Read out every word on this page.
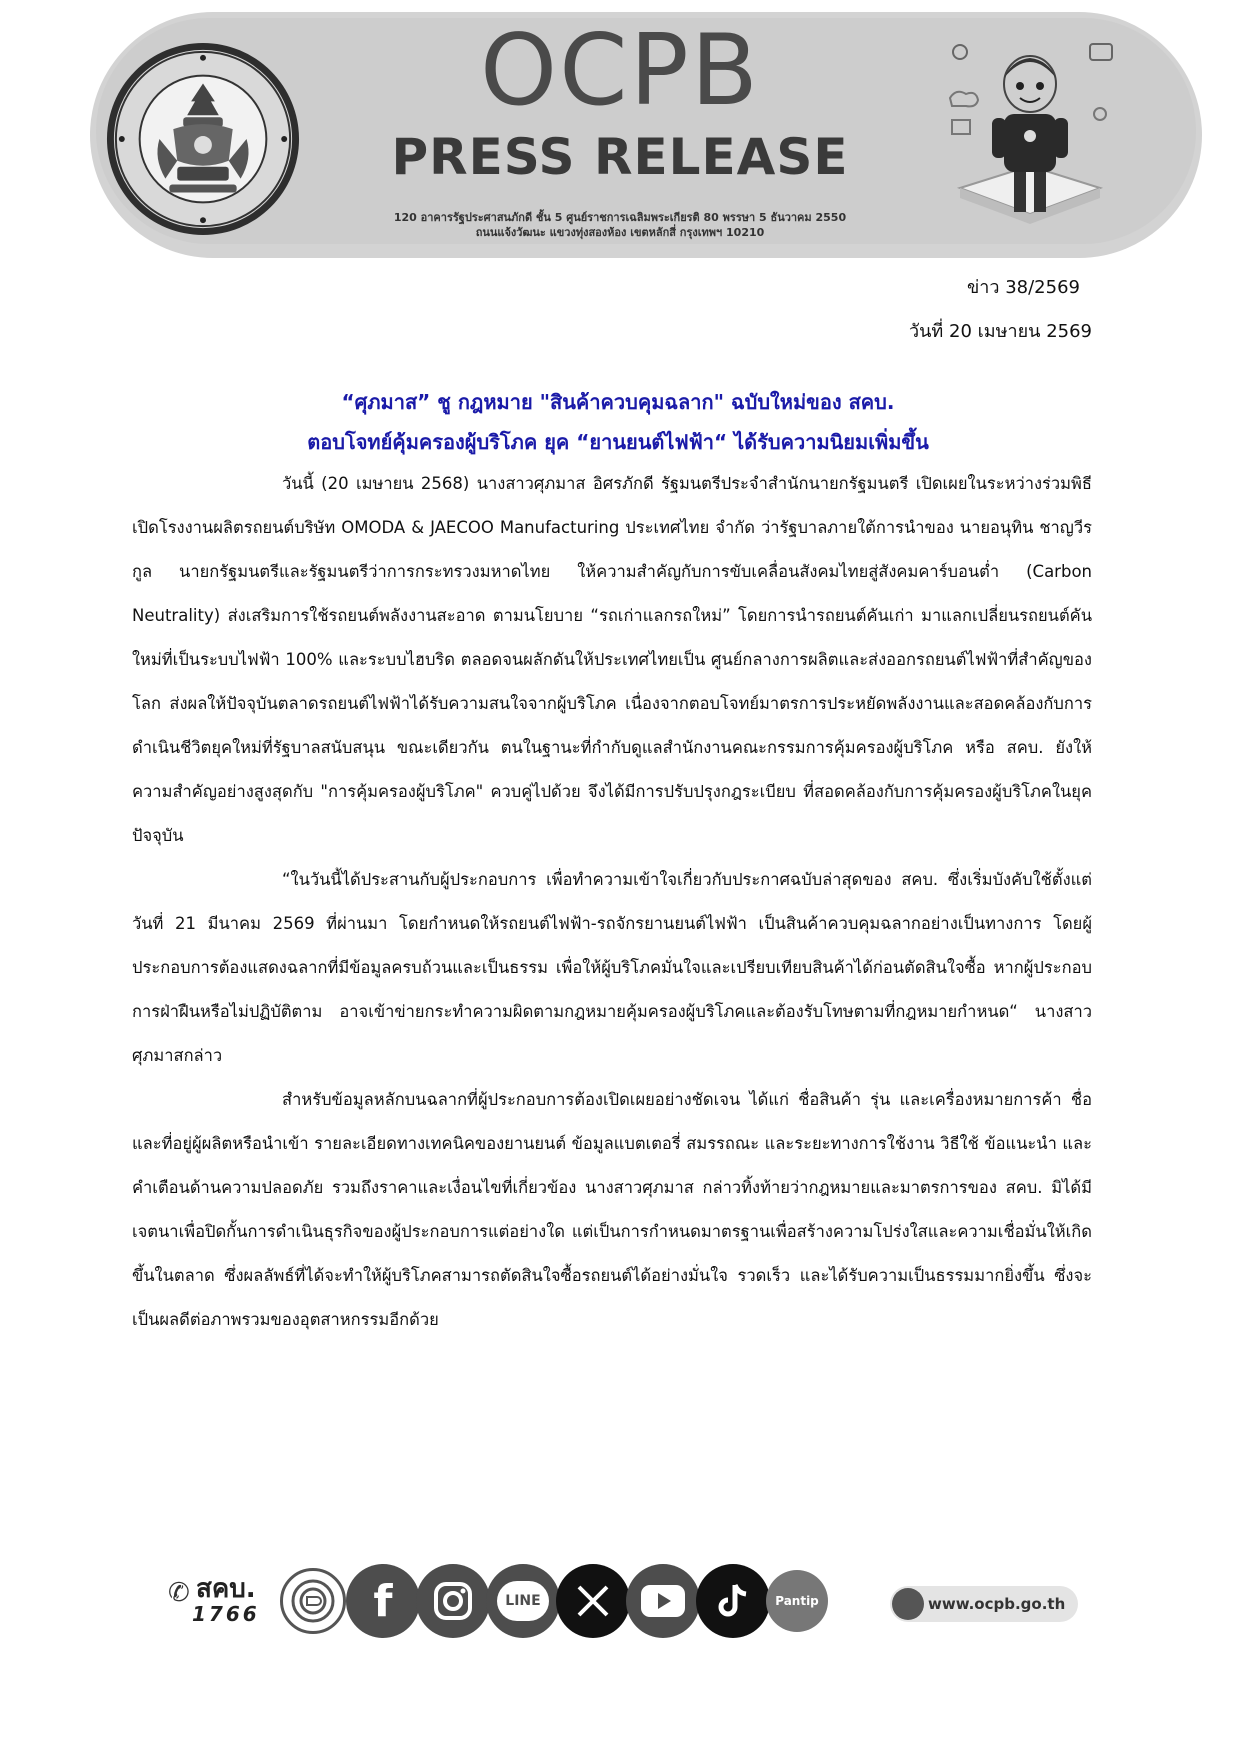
OCPB
PRESS RELEASE
120 อาคารรัฐประศาสนภักดี ชั้น 5 ศูนย์ราชการเฉลิมพระเกียรติ 80 พรรษา 5 ธันวาคม 2550
ถนนแจ้งวัฒนะ แขวงทุ่งสองห้อง เขตหลักสี่ กรุงเทพฯ 10210
ข่าว 38/2569
วันที่ 20 เมษายน 2569
“ศุภมาส” ชู กฎหมาย "สินค้าควบคุมฉลาก" ฉบับใหม่ของ สคบ.
ตอบโจทย์คุ้มครองผู้บริโภค ยุค “ยานยนต์ไฟฟ้า“ ได้รับความนิยมเพิ่มขึ้น

วันนี้ (20 เมษายน 2568) นางสาวศุภมาส อิศรภักดี รัฐมนตรีประจำสำนักนายกรัฐมนตรี เปิดเผยในระหว่างร่วมพิธีเปิดโรงงานผลิตรถยนต์บริษัท OMODA & JAECOO Manufacturing ประเทศไทย จำกัด ว่ารัฐบาลภายใต้การนำของ นายอนุทิน ชาญวีรกูล นายกรัฐมนตรีและรัฐมนตรีว่าการกระทรวงมหาดไทย ให้ความสำคัญกับการขับเคลื่อนสังคมไทยสู่สังคมคาร์บอนต่ำ (Carbon Neutrality) ส่งเสริมการใช้รถยนต์พลังงานสะอาด ตามนโยบาย “รถเก่าแลกรถใหม่” โดยการนำรถยนต์คันเก่า มาแลกเปลี่ยนรถยนต์คันใหม่ที่เป็นระบบไฟฟ้า 100% และระบบไฮบริด ตลอดจนผลักดันให้ประเทศไทยเป็น ศูนย์กลางการผลิตและส่งออกรถยนต์ไฟฟ้าที่สำคัญของโลก ส่งผลให้ปัจจุบันตลาดรถยนต์ไฟฟ้าได้รับความสนใจจากผู้บริโภค เนื่องจากตอบโจทย์มาตรการประหยัดพลังงานและสอดคล้องกับการดำเนินชีวิตยุคใหม่ที่รัฐบาลสนับสนุน ขณะเดียวกัน ตนในฐานะที่กำกับดูแลสำนักงานคณะกรรมการคุ้มครองผู้บริโภค หรือ สคบ. ยังให้ความสำคัญอย่างสูงสุดกับ "การคุ้มครองผู้บริโภค" ควบคู่ไปด้วย จึงได้มีการปรับปรุงกฎระเบียบ ที่สอดคล้องกับการคุ้มครองผู้บริโภคในยุคปัจจุบัน

“ในวันนี้ได้ประสานกับผู้ประกอบการ เพื่อทำความเข้าใจเกี่ยวกับประกาศฉบับล่าสุดของ สคบ. ซึ่งเริ่มบังคับใช้ตั้งแต่วันที่ 21 มีนาคม 2569 ที่ผ่านมา โดยกำหนดให้รถยนต์ไฟฟ้า-รถจักรยานยนต์ไฟฟ้า เป็นสินค้าควบคุมฉลากอย่างเป็นทางการ โดยผู้ประกอบการต้องแสดงฉลากที่มีข้อมูลครบถ้วนและเป็นธรรม เพื่อให้ผู้บริโภคมั่นใจและเปรียบเทียบสินค้าได้ก่อนตัดสินใจซื้อ หากผู้ประกอบการฝ่าฝืนหรือไม่ปฏิบัติตาม อาจเข้าข่ายกระทำความผิดตามกฎหมายคุ้มครองผู้บริโภคและต้องรับโทษตามที่กฎหมายกำหนด“ นางสาวศุภมาสกล่าว

สำหรับข้อมูลหลักบนฉลากที่ผู้ประกอบการต้องเปิดเผยอย่างชัดเจน ได้แก่ ชื่อสินค้า รุ่น และเครื่องหมายการค้า ชื่อและที่อยู่ผู้ผลิตหรือนำเข้า รายละเอียดทางเทคนิคของยานยนต์ ข้อมูลแบตเตอรี่ สมรรถณะ และระยะทางการใช้งาน วิธีใช้ ข้อแนะนำ และคำเตือนด้านความปลอดภัย รวมถึงราคาและเงื่อนไขที่เกี่ยวข้อง นางสาวศุภมาส กล่าวทิ้งท้ายว่ากฎหมายและมาตรการของ สคบ. มิได้มีเจตนาเพื่อปิดกั้นการดำเนินธุรกิจของผู้ประกอบการแต่อย่างใด แต่เป็นการกำหนดมาตรฐานเพื่อสร้างความโปร่งใสและความเชื่อมั่นให้เกิดขึ้นในตลาด ซึ่งผลลัพธ์ที่ได้จะทำให้ผู้บริโภคสามารถตัดสินใจซื้อรถยนต์ได้อย่างมั่นใจ รวดเร็ว และได้รับความเป็นธรรมมากยิ่งขึ้น ซึ่งจะเป็นผลดีต่อภาพรวมของอุตสาหกรรมอีกด้วย

✆ สคบ.
1766	f	LINE	Pantip	www.ocpb.go.th
